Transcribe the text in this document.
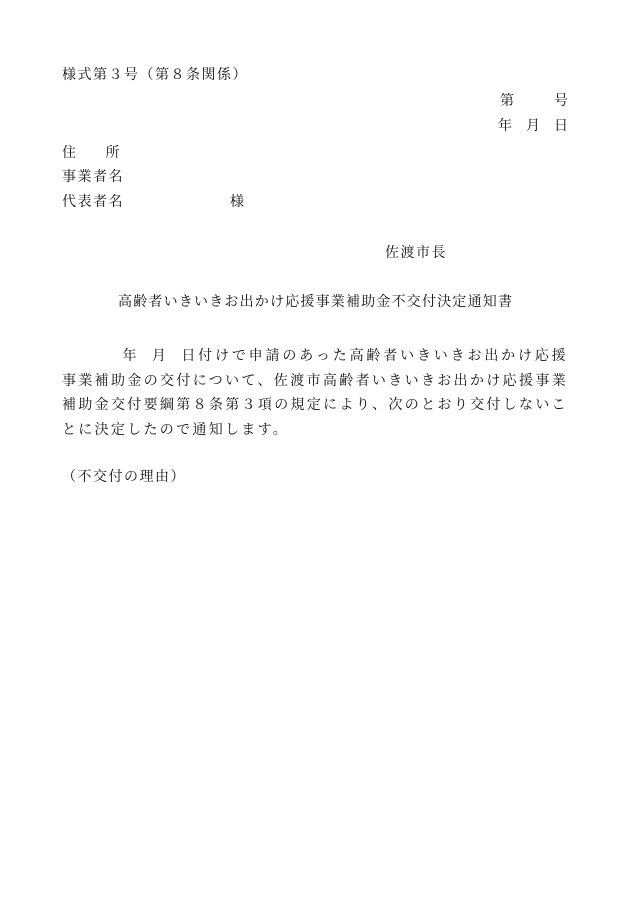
様式第３号（第８条関係）
第	号
年 月 日
住 所
事業者名
代表者名	様
佐渡市長
高齢者いきいきお出かけ応援事業補助金不交付決定通知書
年 月 日付けで申請のあった高齢者いきいきお出かけ応援事業補助金の交付について、佐渡市高齢者いきいきお出かけ応援事業補助金交付要綱第８条第３項の規定により、次のとおり交付しないことに決定したので通知します。
（不交付の理由）
